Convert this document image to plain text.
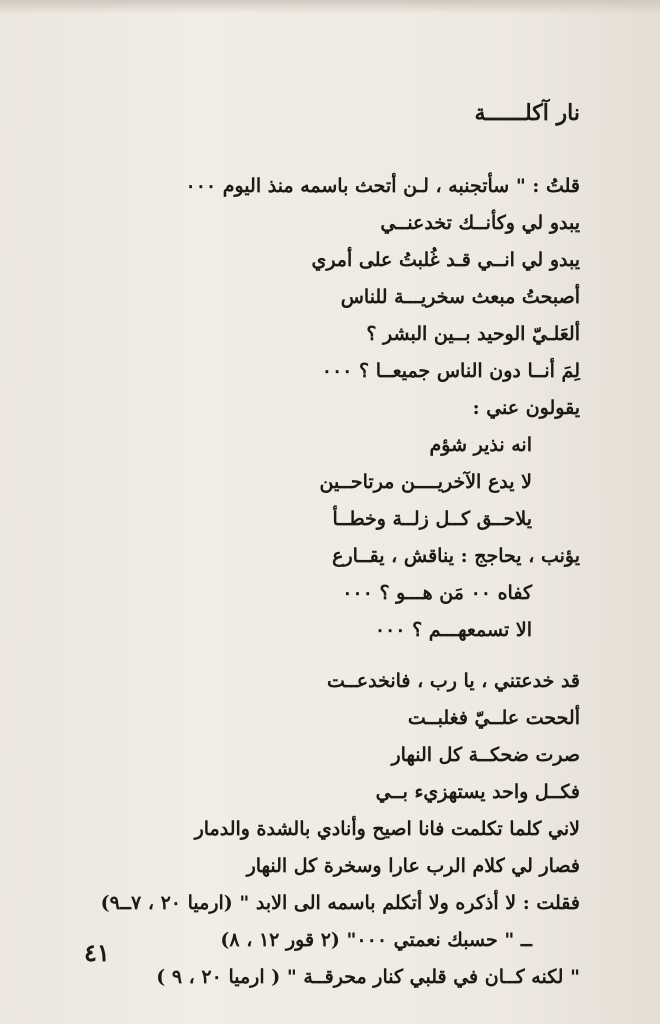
نار آكلــــــة
قلتُ : " سأتجنبه ، لـن أتحث باسمه منذ اليوم ٠٠٠
يبدو لي وكأنــك تخدعنــي
يبدو لي انــي قـد غُلبتُ على أمري
أصبحتُ مبعث سخريـــة للناس
ألعَلـيّ الوحيد بــين البشر ؟
لِمَ أنــا دون الناس جميعــا ؟ ٠٠٠
يقولون عني :
انه نذير شؤم
لا يدع الآخريــــن مرتاحــين
يلاحــق كــل زلــة وخطــأ
يؤنب ، يحاجج : يناقش ، يقــارع
كفاه ٠٠ مَن هـــو ؟ ٠٠٠
الا تسمعهـــم ؟ ٠٠٠
قد خدعتني ، يا رب ، فانخدعــت
ألححت علــيّ فغلبــت
صرت ضحكــة كل النهار
فكــل واحد يستهزيء بــي
لاني كلما تكلمت فانا اصيح وأنادي بالشدة والدمار
فصار لي كلام الرب عارا وسخرة كل النهار
فقلت : لا أذكره ولا أتكلم باسمه الى الابد " (ارميا ٢٠ ، ٧ــ٩)
ــ " حسبك نعمتي ٠٠٠" (٢ قور ١٢ ، ٨)
" لكنه كــان في قلبي كنار محرقــة " ( ارميا ٢٠ ، ٩ )
٤١
